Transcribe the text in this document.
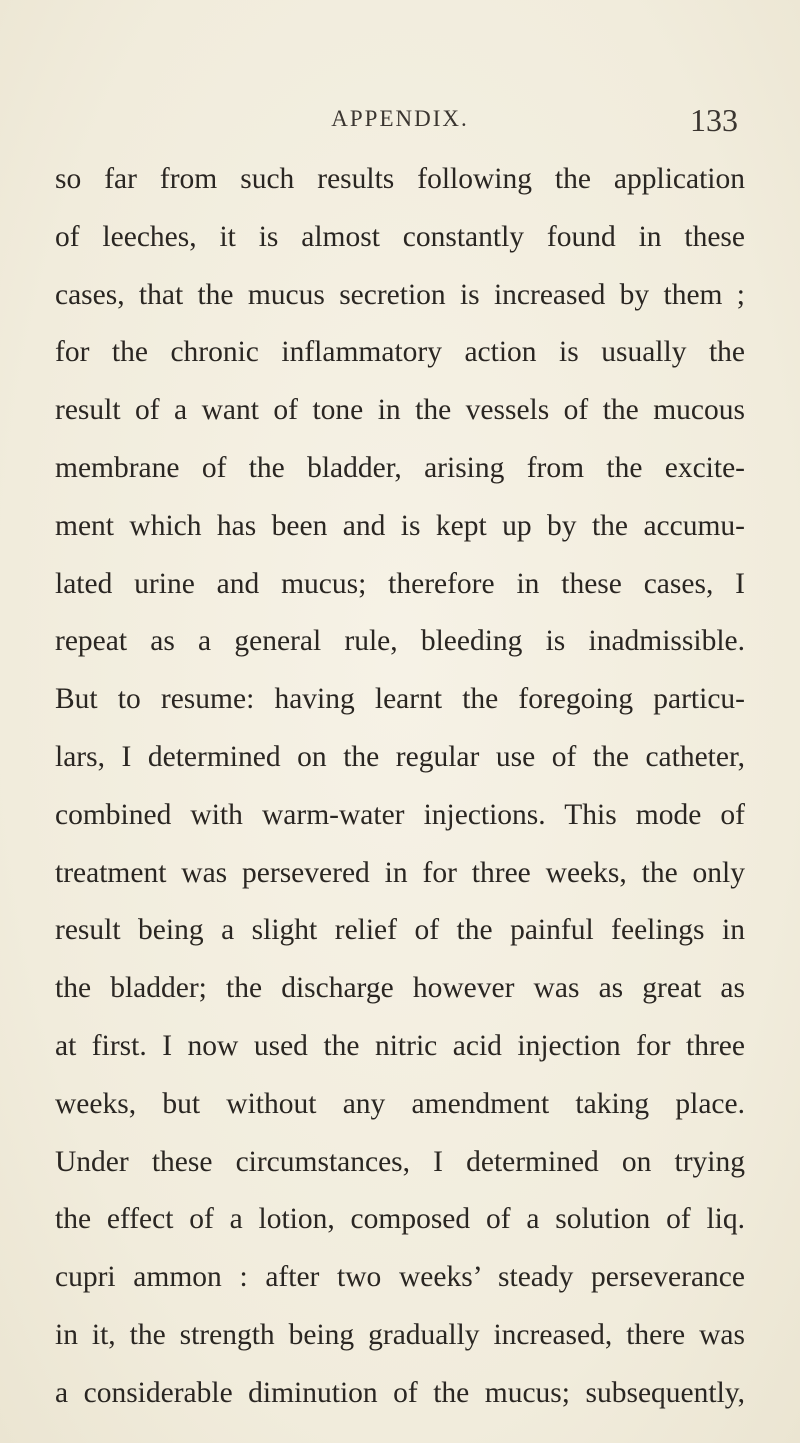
APPENDIX.	133
so far from such results following the application
of leeches, it is almost constantly found in these
cases, that the mucus secretion is increased by them ;
for the chronic inflammatory action is usually the
result of a want of tone in the vessels of the mucous
membrane of the bladder, arising from the excite-
ment which has been and is kept up by the accumu-
lated urine and mucus; therefore in these cases, I
repeat as a general rule, bleeding is inadmissible.
But to resume: having learnt the foregoing particu-
lars, I determined on the regular use of the catheter,
combined with warm-water injections. This mode of
treatment was persevered in for three weeks, the only
result being a slight relief of the painful feelings in
the bladder; the discharge however was as great as
at first. I now used the nitric acid injection for three
weeks, but without any amendment taking place.
Under these circumstances, I determined on trying
the effect of a lotion, composed of a solution of liq.
cupri ammon : after two weeks’ steady perseverance
in it, the strength being gradually increased, there was
a considerable diminution of the mucus; subsequently,
